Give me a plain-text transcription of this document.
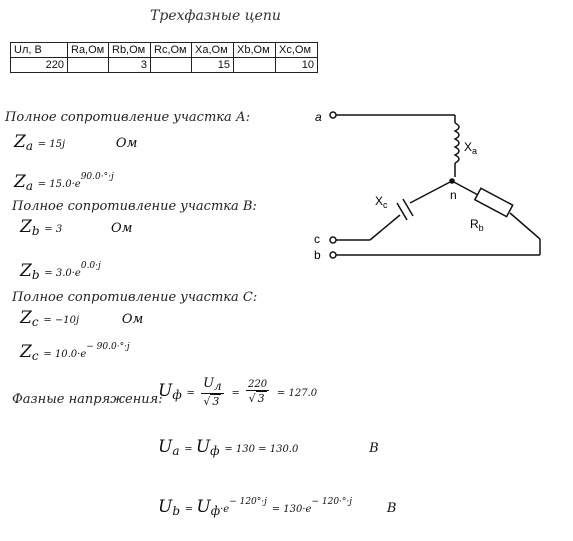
Трехфазные цепи
Uл, В	Ra,Ом	Rb,Ом	Rc,Ом	Xa,Ом	Xb,Ом	Xc,Ом
220		3		15		10
Полное сопротивление участка А:
$Z_a = 15j$	Ом
$Z_a = 15.0\cdot e^{90.0\cdot^\circ\cdot j}$
Полное сопротивление участка В:
$Z_b = 3$	Ом
$Z_b = 3.0\cdot e^{0.0\cdot j}$
Полное сопротивление участка С:
$Z_c = -10j$	Ом
$Z_c = 10.0\cdot e^{- 90.0\cdot^\circ\cdot j}$
Фазные напряжения:
$U_ф = \frac{U_л}{√ 3} = \frac{220}{√ 3} = 127.0$
$U_a = U_ф = 130 = 130.0$	В
$U_b = U_ф\cdot e^{- 120^\circ\cdot j} = 130\cdot e^{- 120\cdot^\circ\cdot j}$	В
a
c
b
n
$X_a$
$X_c$
$R_b$
